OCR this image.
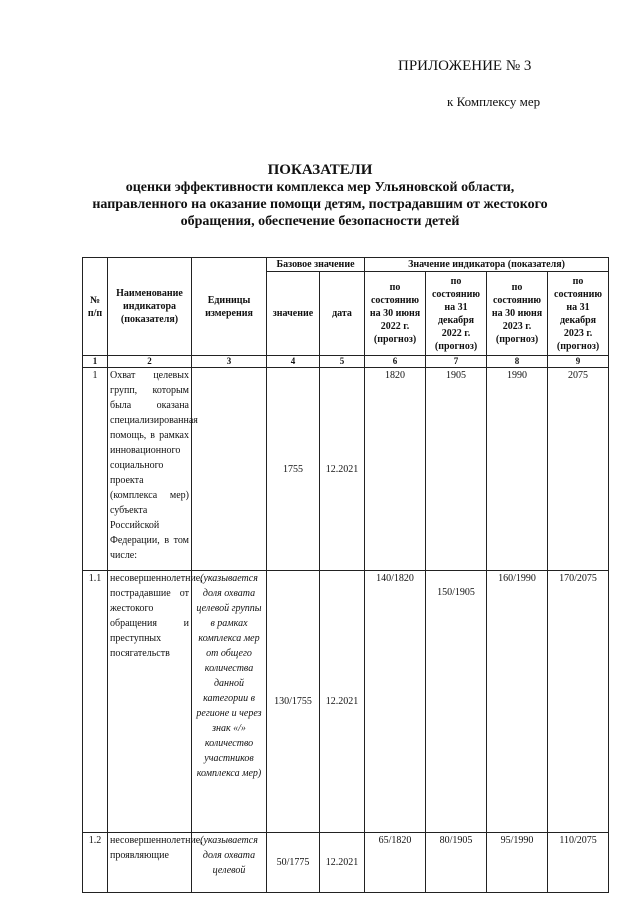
ПРИЛОЖЕНИЕ № 3
к Комплексу мер
ПОКАЗАТЕЛИ
оценки эффективности комплекса мер Ульяновской области,
направленного на оказание помощи детям, пострадавшим от жестокого
обращения, обеспечение безопасности детей
№ п/п	Наименование индикатора (показателя)	Единицы измерения	Базовое значение		Значение индикатора (показателя)			
			значение	дата	по состоянию на 30 июня 2022 г. (прогноз)	по состоянию на 31 декабря 2022 г. (прогноз)	по состоянию на 30 июня 2023 г. (прогноз)	по состоянию на 31 декабря 2023 г. (прогноз)
1	2	3	4	5	6	7	8	9
1	Охват целевых групп, которым была оказана специализированная помощь, в рамках инновационного социального проекта (комплекса мер) субъекта Российской Федерации, в том числе:		1755	12.2021	1820	1905	1990	2075
1.1	несовершеннолетние, пострадавшие от жестокого обращения и преступных посягательств	(указывается доля охвата целевой группы в рамках комплекса мер от общего количества данной категории в регионе и через знак «/» количество участников комплекса мер)	130/1755	12.2021	140/1820	150/1905	160/1990	170/2075
1.2	несовершеннолетние, проявляющие	(указывается доля охвата целевой	50/1775	12.2021	65/1820	80/1905	95/1990	110/2075
